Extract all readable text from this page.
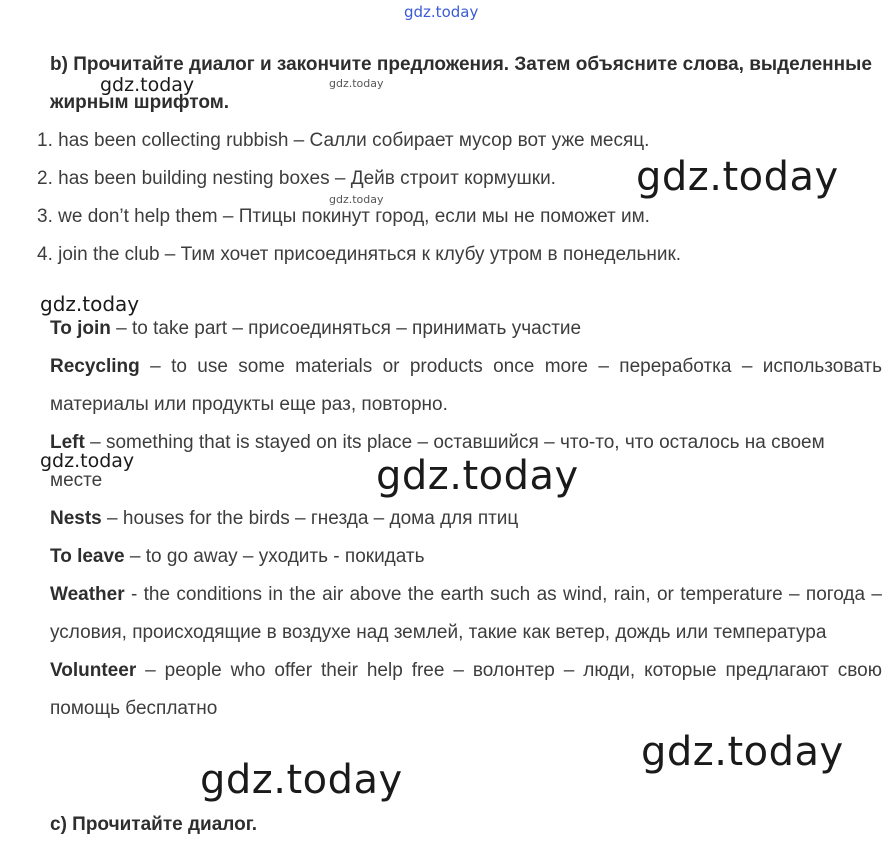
b) Прочитайте диалог и закончите предложения. Затем объясните слова, выделенные жирным шрифтом.
1. has been collecting rubbish – Салли собирает мусор вот уже месяц.
2. has been building nesting boxes – Дейв строит кормушки.
3. we don’t help them – Птицы покинут город, если мы не поможет им.
4. join the club – Тим хочет присоединяться к клубу утром в понедельник.

To join – to take part – присоединяться – принимать участие

Recycling – to use some materials or products once more – переработка – использовать материалы или продукты еще раз, повторно.

Left – something that is stayed on its place – оставшийся – что-то, что осталось на своем месте

Nests – houses for the birds – гнезда – дома для птиц

To leave – to go away – уходить - покидать

Weather - the conditions in the air above the earth such as wind, rain, or temperature – погода – условия, происходящие в воздухе над землей, такие как ветер, дождь или температура

Volunteer – people who offer their help free – волонтер – люди, которые предлагают свою помощь бесплатно

c) Прочитайте диалог.
gdz.today
gdz.today	gdz.today
gdz.today	gdz.today
gdz.today
gdz.today	gdz.today
gdz.today
gdz.today
